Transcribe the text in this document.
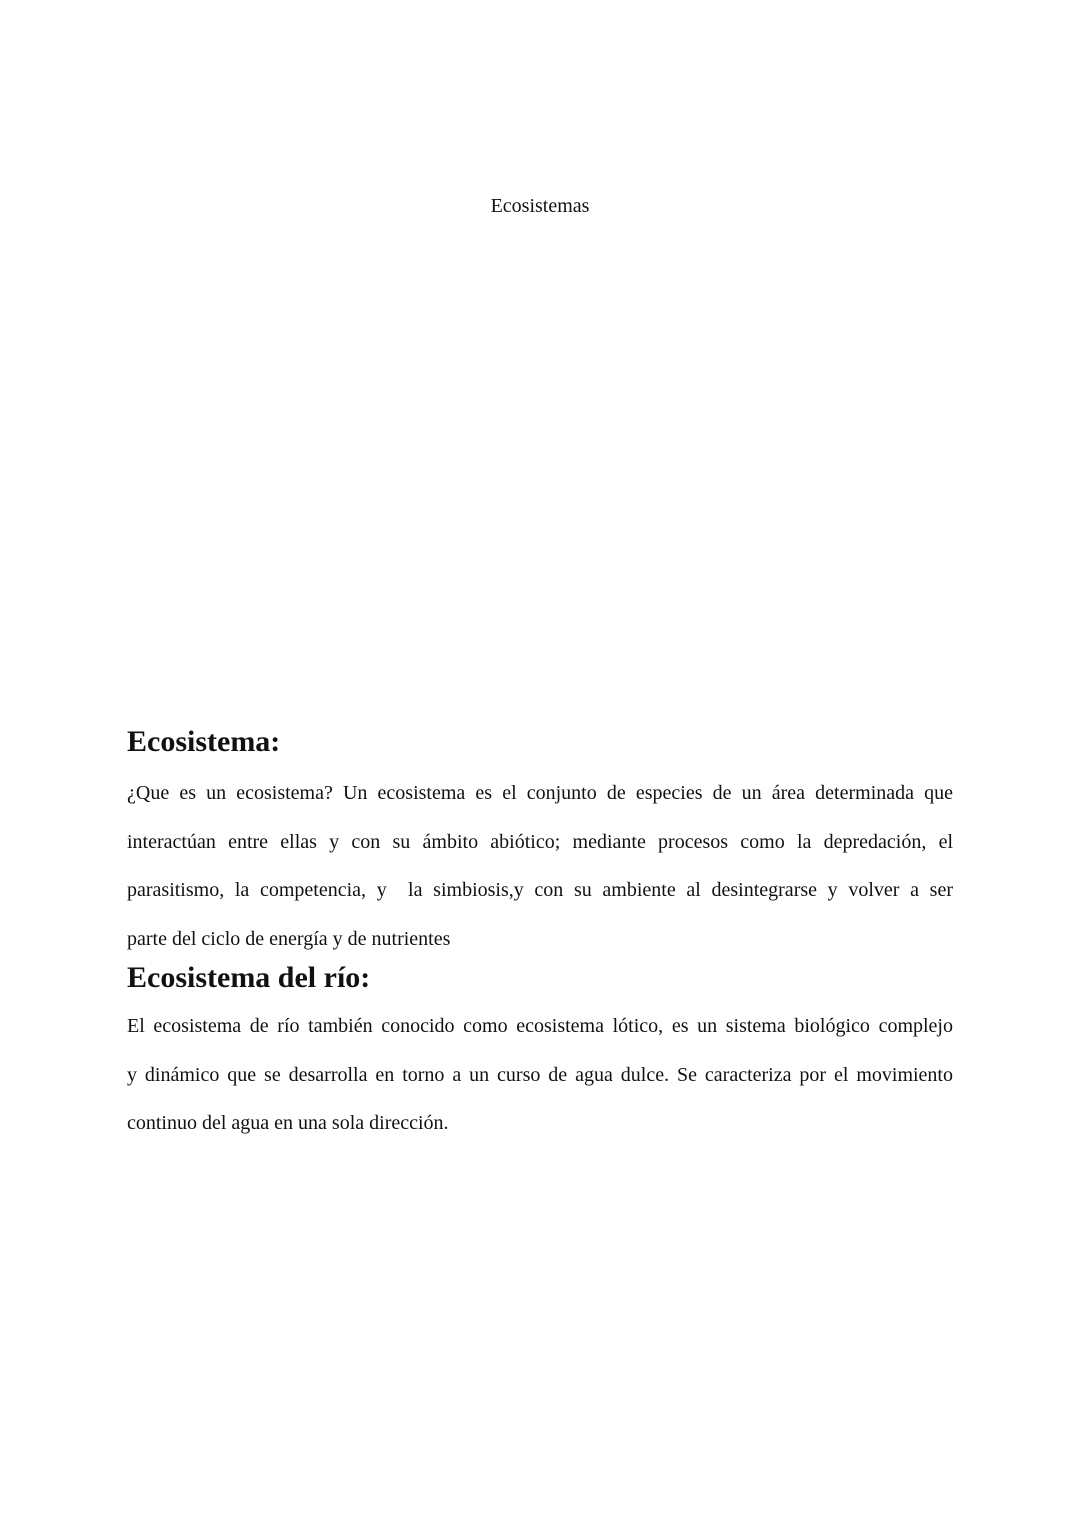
Ecosistemas
Ecosistema:

¿Que es un ecosistema? Un ecosistema es el conjunto de especies de un área determinada que
interactúan entre ellas y con su ámbito abiótico; mediante procesos como la depredación, el
parasitismo, la competencia, y  la simbiosis,y con su ambiente al desintegrarse y volver a ser
parte del ciclo de energía y de nutrientes

Ecosistema del río:

El ecosistema de río también conocido como ecosistema lótico, es un sistema biológico complejo
y dinámico que se desarrolla en torno a un curso de agua dulce. Se caracteriza por el movimiento
continuo del agua en una sola dirección.
